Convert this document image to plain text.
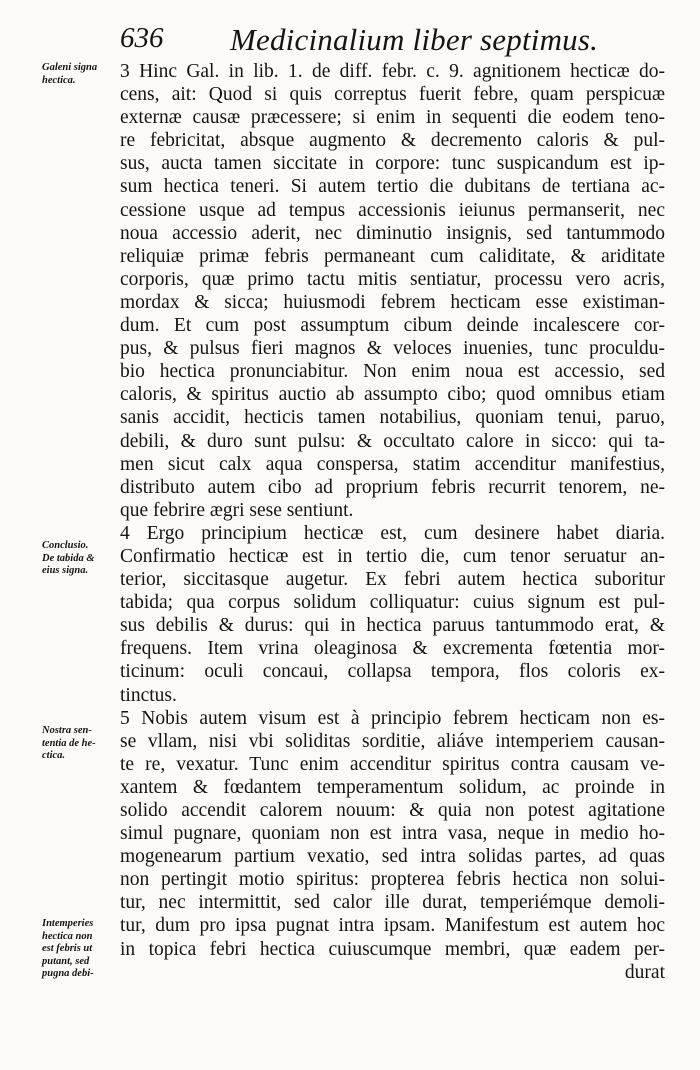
636 Medicinalium liber septimus.
Galeni signa
hectica.
Conclusio.
De tabida &
eius signa.
Nostra sen-
tentia de he-
ctica.
Intemperies
hectica non
est febris ut
putant, sed
pugna debi-
3 Hinc Gal. in lib. 1. de diff. febr. c. 9. agnitionem hecticæ do-
cens, ait: Quod si quis correptus fuerit febre, quam perspicuæ
externæ causæ præcessere; si enim in sequenti die eodem teno-
re febricitat, absque augmento & decremento caloris & pul-
sus, aucta tamen siccitate in corpore: tunc suspicandum est ip-
sum hectica teneri. Si autem tertio die dubitans de tertiana ac-
cessione usque ad tempus accessionis ieiunus permanserit, nec
noua accessio aderit, nec diminutio insignis, sed tantummodo
reliquiæ primæ febris permaneant cum caliditate, & ariditate
corporis, quæ primo tactu mitis sentiatur, processu vero acris,
mordax & sicca; huiusmodi febrem hecticam esse existiman-
dum. Et cum post assumptum cibum deinde incalescere cor-
pus, & pulsus fieri magnos & veloces inuenies, tunc proculdu-
bio hectica pronunciabitur. Non enim noua est accessio, sed
caloris, & spiritus auctio ab assumpto cibo; quod omnibus etiam
sanis accidit, hecticis tamen notabilius, quoniam tenui, paruo,
debili, & duro sunt pulsu: & occultato calore in sicco: qui ta-
men sicut calx aqua conspersa, statim accenditur manifestius,
distributo autem cibo ad proprium febris recurrit tenorem, ne-
que febrire ægri sese sentiunt.
4 Ergo principium hecticæ est, cum desinere habet diaria.
Confirmatio hecticæ est in tertio die, cum tenor seruatur an-
terior, siccitasque augetur. Ex febri autem hectica suboritur
tabida; qua corpus solidum colliquatur: cuius signum est pul-
sus debilis & durus: qui in hectica paruus tantummodo erat, &
frequens. Item vrina oleaginosa & excrementa fœtentia mor-
ticinum: oculi concaui, collapsa tempora, flos coloris ex-
tinctus.
5 Nobis autem visum est à principio febrem hecticam non es-
se vllam, nisi vbi soliditas sorditie, aliáve intemperiem causan-
te re, vexatur. Tunc enim accenditur spiritus contra causam ve-
xantem & fœdantem temperamentum solidum, ac proinde in
solido accendit calorem nouum: & quia non potest agitatione
simul pugnare, quoniam non est intra vasa, neque in medio ho-
mogenearum partium vexatio, sed intra solidas partes, ad quas
non pertingit motio spiritus: propterea febris hectica non solui-
tur, nec intermittit, sed calor ille durat, temperiémque demoli-
tur, dum pro ipsa pugnat intra ipsam. Manifestum est autem hoc
in topica febri hectica cuiuscumque membri, quæ eadem per-
durat
